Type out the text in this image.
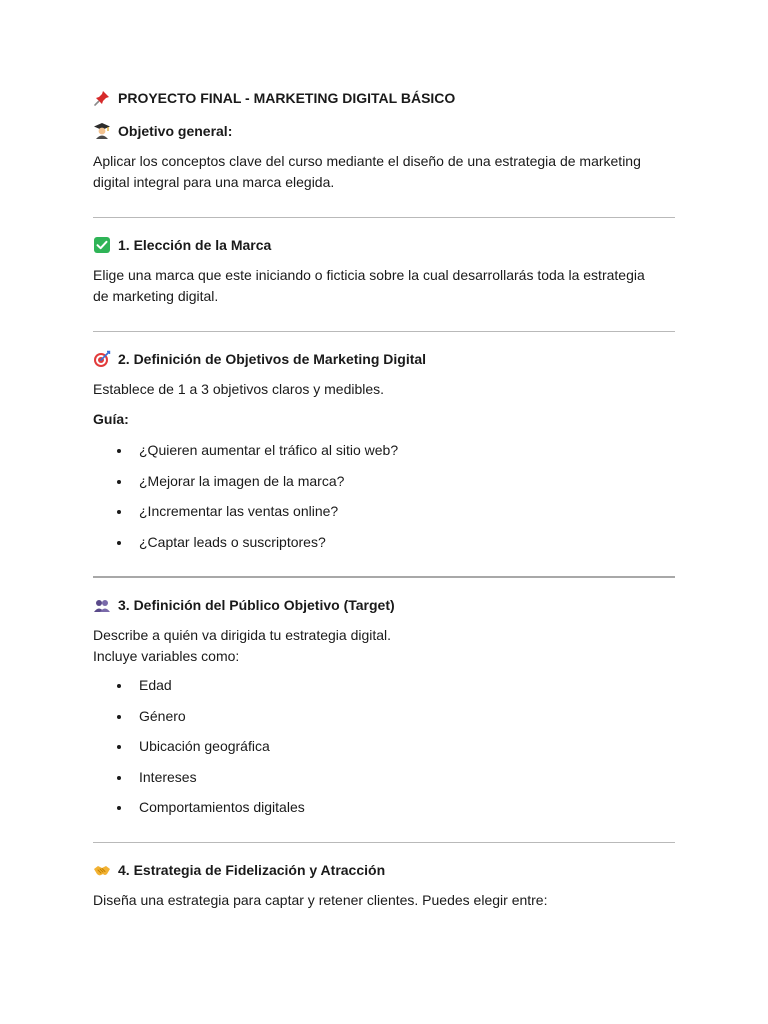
PROYECTO FINAL - MARKETING DIGITAL BÁSICO
Objetivo general:

Aplicar los conceptos clave del curso mediante el diseño de una estrategia de marketing digital integral para una marca elegida.

1. Elección de la Marca

Elige una marca que este iniciando o ficticia sobre la cual desarrollarás toda la estrategia de marketing digital.

2. Definición de Objetivos de Marketing Digital

Establece de 1 a 3 objetivos claros y medibles.

Guía:

¿Quieren aumentar el tráfico al sitio web?
¿Mejorar la imagen de la marca?
¿Incrementar las ventas online?
¿Captar leads o suscriptores?
3. Definición del Público Objetivo (Target)

Describe a quién va dirigida tu estrategia digital.

Incluye variables como:

Edad
Género
Ubicación geográfica
Intereses
Comportamientos digitales
4. Estrategia de Fidelización y Atracción

Diseña una estrategia para captar y retener clientes. Puedes elegir entre:
